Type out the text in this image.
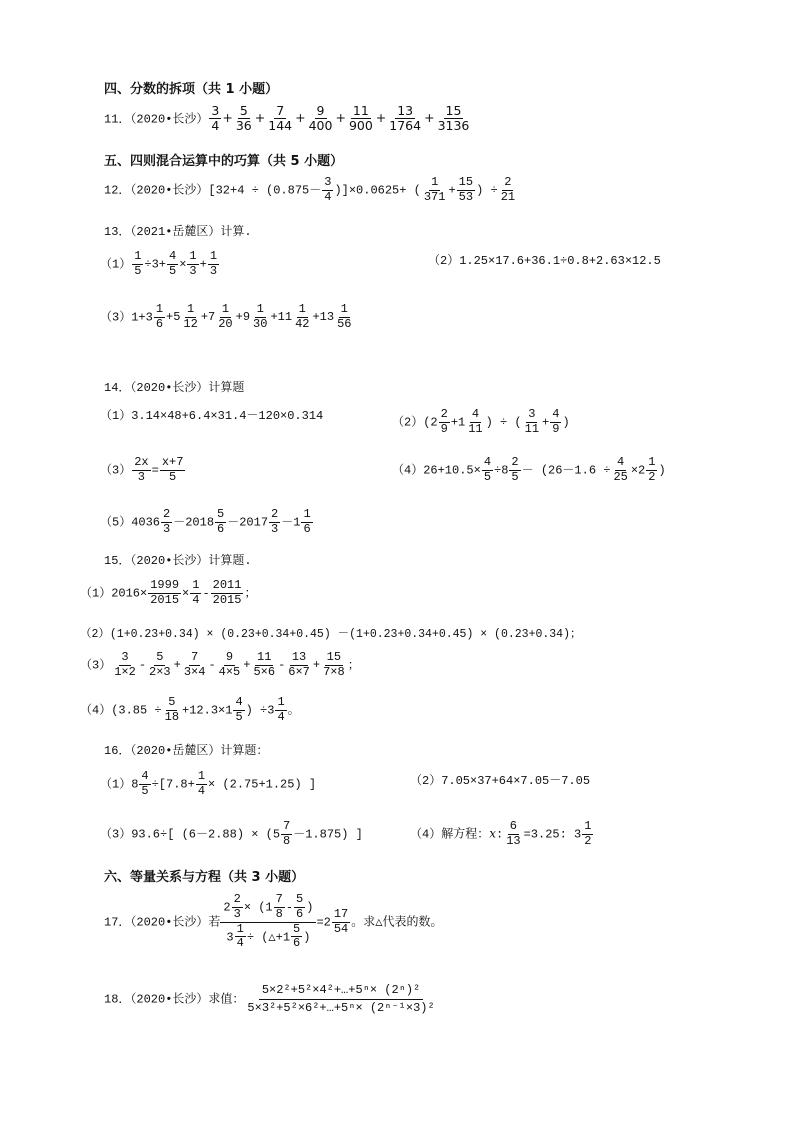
四、分数的拆项（共 1 小题）
11．（2020•长沙） $\frac{3}{4} + \frac{5}{36} + \frac{7}{144} + \frac{9}{400} + \frac{11}{900} + \frac{13}{1764} + \frac{15}{3136}$
五、四则混合运算中的巧算（共 5 小题）
12．（2020•长沙）$[32+4 \div (0.875- \frac{3}{4} )]\times 0.0625+$ ( $\frac{1}{371} + \frac{15}{53}$ ) ÷ $\frac{2}{21}$
13．（2021•岳麓区）计算.
$(1) \frac{1}{5} \div 3+ \frac{4}{5} \times \frac{1}{3} + \frac{1}{3}$	（2）1.25×17.6+36.1÷0.8+2.63×12.5
$(3)1+3 \frac{1}{6} +5 \frac{1}{12} +7 \frac{1}{20} +9 \frac{1}{30} +11 \frac{1}{42} +13 \frac{1}{56}$
14．（2020•长沙）计算题
（1）3.14×48+6.4×31.4－120×0.314	$(2)(2 \frac{2}{9} +1 \frac{4}{11}$ ) ÷ ( $\frac{3}{11} + \frac{4}{9}$ )
$(3) \frac{2x}{3} = \frac{x+7}{5}$	$(4)26+10.5\times \frac{4}{5} \div 8 \frac{2}{5} - (26-1.6 \div \frac{4}{25} \times 2 \frac{1}{2}$ )
$(5)4036 \frac{2}{3} -2018 \frac{5}{6} -2017 \frac{2}{3} -1 \frac{1}{6}$
15．（2020•长沙）计算题.
$(1)2016\times \frac{1999}{2015} \times \frac{1}{4} - \frac{2011}{2015}$ ；
（2）(1+0.23+0.34) × (0.23+0.34+0.45) －(1+0.23+0.34+0.45) × (0.23+0.34)；
$(3) \frac{3}{1\times 2} - \frac{5}{2\times 3} + \frac{7}{3\times 4} - \frac{9}{4\times 5} + \frac{11}{5\times 6} - \frac{13}{6\times 7} + \frac{15}{7\times 8}$ ；
$(4)(3.85 \div \frac{5}{18} +12.3\times 1 \frac{4}{5}$ ) $\div 3 \frac{1}{4}$ 。
16．（2020•岳麓区）计算题：
$(1)8 \frac{4}{5} \div[7.8+ \frac{1}{4} \times (2.75+1.25)$ ]	（2）7.05×37+64×7.05－7.05
（3）93.6÷[ $(6-2.88) \times (5 \frac{7}{8} -1.875)$ ]	（4）解方程：x: $\frac{6}{13} =3.25$: $3 \frac{1}{2}$
六、等量关系与方程（共 3 小题）
17．（2020•长沙）若 $\frac{2 \frac{2}{3} \times (1 \frac{7}{8} - \frac{5}{6} )}{3 \frac{1}{4} \div (\triangle+1 \frac{5}{6} )} =2 \frac{17}{54}$ 。求△代表的数。
18．（2020•长沙）求值： $\frac{\text{5×2²+5²×4²+…+5ⁿ× (2ⁿ)²}}{\text{5×3²+5²×6²+…+5ⁿ× (2ⁿ⁻¹×3)²}}$
